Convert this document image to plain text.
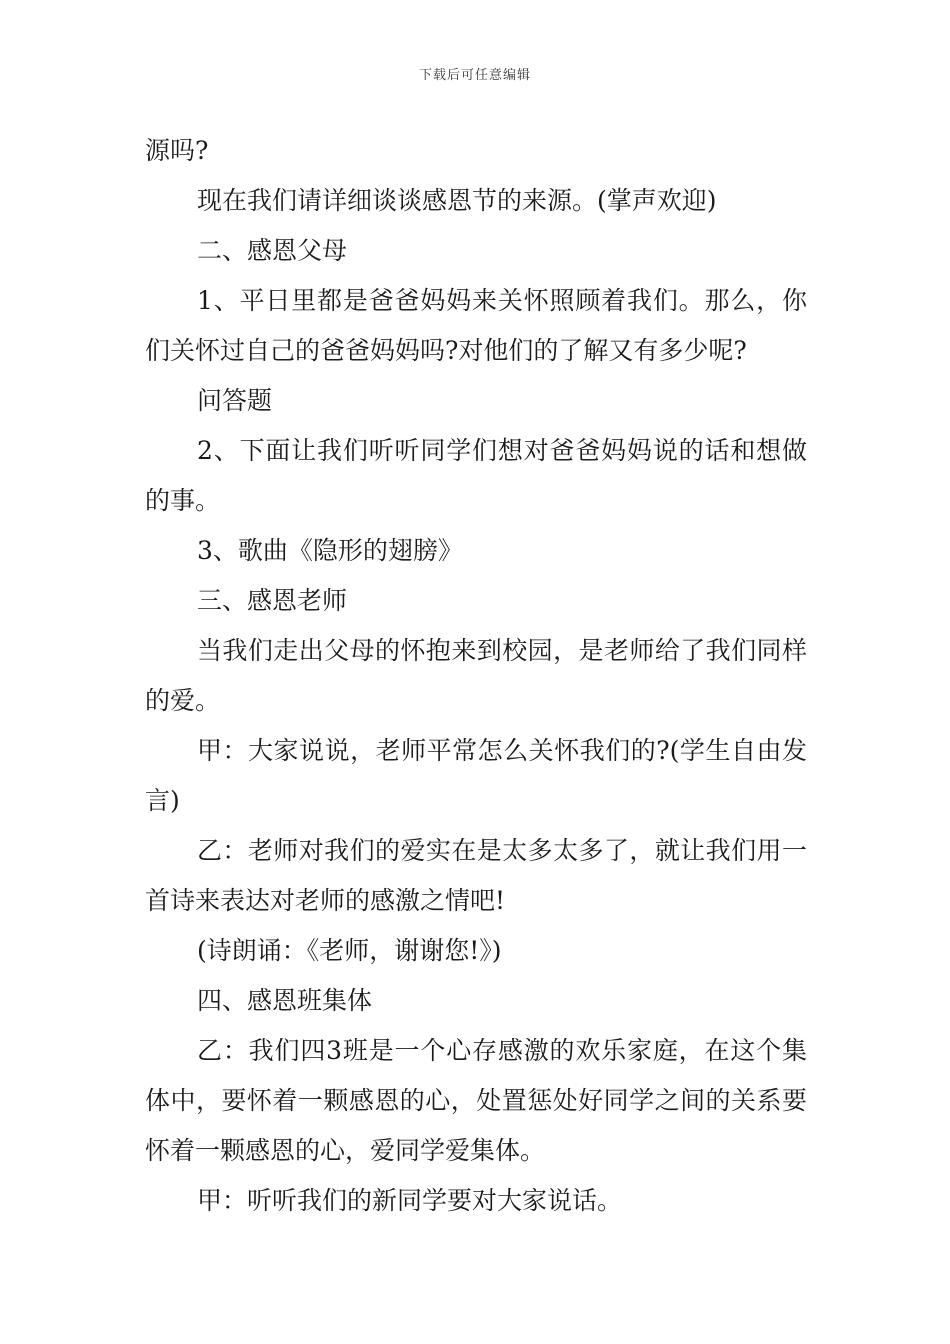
下载后可任意编辑

源吗?

现在我们请详细谈谈感恩节的来源。(掌声欢迎)

二、感恩父母

1、平日里都是爸爸妈妈来关怀照顾着我们。那么，你们关怀过自己的爸爸妈妈吗?对他们的了解又有多少呢?

问答题

2、下面让我们听听同学们想对爸爸妈妈说的话和想做的事。

3、歌曲《隐形的翅膀》

三、感恩老师

当我们走出父母的怀抱来到校园，是老师给了我们同样的爱。

甲：大家说说，老师平常怎么关怀我们的?(学生自由发言)

乙：老师对我们的爱实在是太多太多了，就让我们用一首诗来表达对老师的感激之情吧!

(诗朗诵：《老师，谢谢您!》)

四、感恩班集体

乙：我们四3班是一个心存感激的欢乐家庭，在这个集体中，要怀着一颗感恩的心，处置惩处好同学之间的关系要怀着一颗感恩的心，爱同学爱集体。

甲：听听我们的新同学要对大家说话。
